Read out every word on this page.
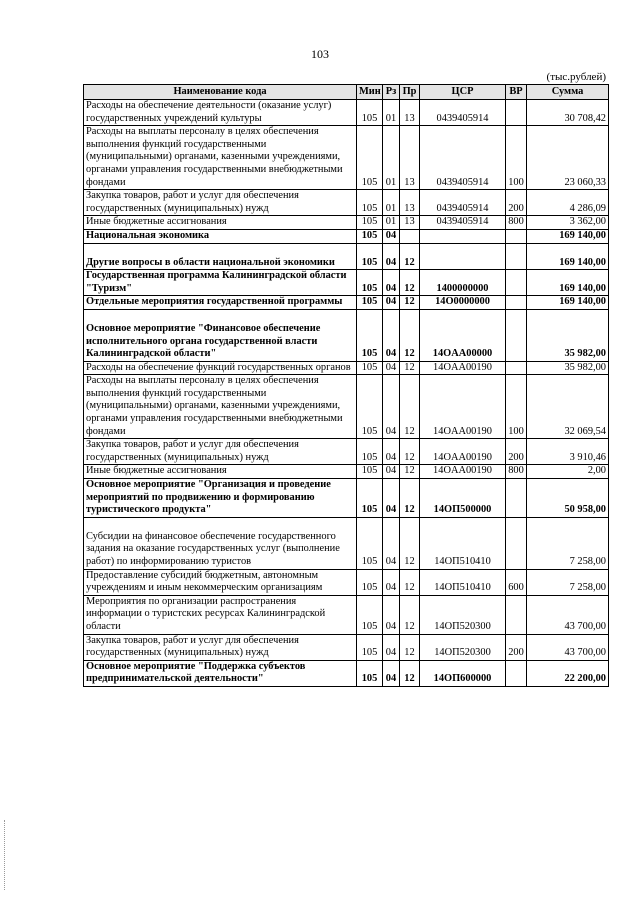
103
(тыс.рублей)
Наименование кода	Мин	Рз	Пр	ЦСР	ВР	Сумма
Расходы на обеспечение деятельности (оказание услуг) государственных учреждений культуры	105	01	13	0439405914		30 708,42
Расходы на выплаты персоналу в целях обеспечения выполнения функций государственными (муниципальными) органами, казенными учреждениями, органами управления государственными внебюджетными фондами	105	01	13	0439405914	100	23 060,33
Закупка товаров, работ и услуг для обеспечения государственных (муниципальных) нужд	105	01	13	0439405914	200	4 286,09
Иные бюджетные ассигнования	105	01	13	0439405914	800	3 362,00
Национальная экономика	105	04				169 140,00
Другие вопросы в области национальной экономики	105	04	12			169 140,00
Государственная программа Калининградской области "Туризм"	105	04	12	1400000000		169 140,00
Отдельные мероприятия государственной программы	105	04	12	14O0000000		169 140,00
Основное мероприятие "Финансовое обеспечение исполнительного органа государственной власти Калининградской области"	105	04	12	14OAA00000		35 982,00
Расходы на обеспечение функций государственных органов	105	04	12	14OAA00190		35 982,00
Расходы на выплаты персоналу в целях обеспечения выполнения функций государственными (муниципальными) органами, казенными учреждениями, органами управления государственными внебюджетными фондами	105	04	12	14OAA00190	100	32 069,54
Закупка товаров, работ и услуг для обеспечения государственных (муниципальных) нужд	105	04	12	14OAA00190	200	3 910,46
Иные бюджетные ассигнования	105	04	12	14OAA00190	800	2,00
Основное мероприятие "Организация и проведение мероприятий по продвижению и формированию туристического продукта"	105	04	12	14OП500000		50 958,00
Субсидии на финансовое обеспечение государственного задания на оказание государственных услуг (выполнение работ) по информированию туристов	105	04	12	14OП510410		7 258,00
Предоставление субсидий бюджетным, автономным учреждениям и иным некоммерческим организациям	105	04	12	14OП510410	600	7 258,00
Мероприятия по организации распространения информации о туристских ресурсах Калининградской области	105	04	12	14OП520300		43 700,00
Закупка товаров, работ и услуг для обеспечения государственных (муниципальных) нужд	105	04	12	14OП520300	200	43 700,00
Основное мероприятие "Поддержка субъектов предпринимательской деятельности"	105	04	12	14OП600000		22 200,00
